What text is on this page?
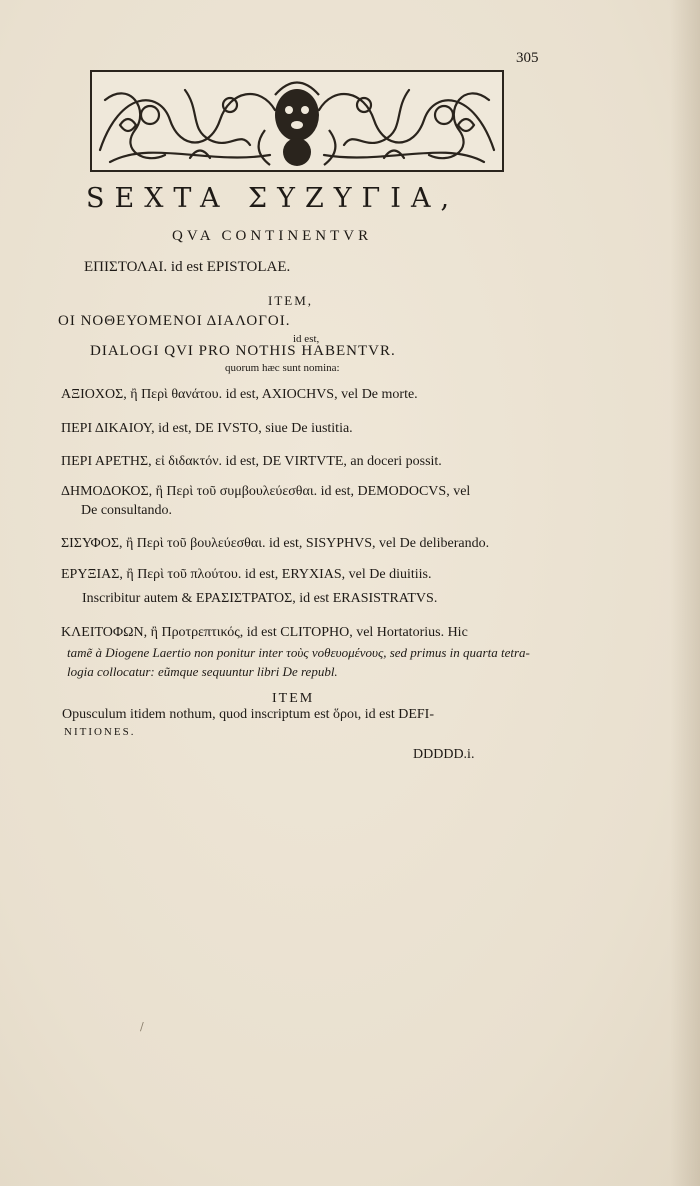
305
SEXTA ΣΥΖΥΓΙΑ,
QVA CONTINENTVR
ΕΠΙΣΤΟΛΑΙ. id est EPISTOLAE.
ITEM,
ΟΙ ΝΟΘΕΥΟΜΕΝΟΙ ΔΙΑΛΟΓΟΙ.
id est,
DIALOGI QVI PRO NOTHIS HABENTVR.
quorum hæc sunt nomina:
ΑΞΙΟΧΟΣ, ἢ Περὶ θανάτου. id est, AXIOCHVS, vel De morte.
ΠΕΡΙ ΔΙΚΑΙΟΥ, id est, DE IVSTO, siue De iustitia.
ΠΕΡΙ ΑΡΕΤΗΣ, εἰ διδακτόν. id est, DE VIRTVTE, an doceri possit.
ΔΗΜΟΔΟΚΟΣ, ἢ Περὶ τοῦ συμβουλεύεσθαι. id est, DEMODOCVS, vel
De consultando.
ΣΙΣΥΦΟΣ, ἢ Περὶ τοῦ βουλεύεσθαι. id est, SISYPHVS, vel De deliberando.
ΕΡΥΞΙΑΣ, ἢ Περὶ τοῦ πλούτου. id est, ERYXIAS, vel De diuitiis.
Inscribitur autem & ΕΡΑΣΙΣΤΡΑΤΟΣ, id est ERASISTRATVS.
ΚΛΕΙΤΟΦΩΝ, ἢ Προτρεπτικός, id est CLITOPHO, vel Hortatorius. Hic
tamẽ à Diogene Laertio non ponitur inter τοὺς νοθευομένους, sed primus in quarta tetra-
logia collocatur: eũmque sequuntur libri De republ.
ITEM
Opusculum itidem nothum, quod inscriptum est ὅροι, id est DEFI-
NITIONES.
DDDDD.i.
/
